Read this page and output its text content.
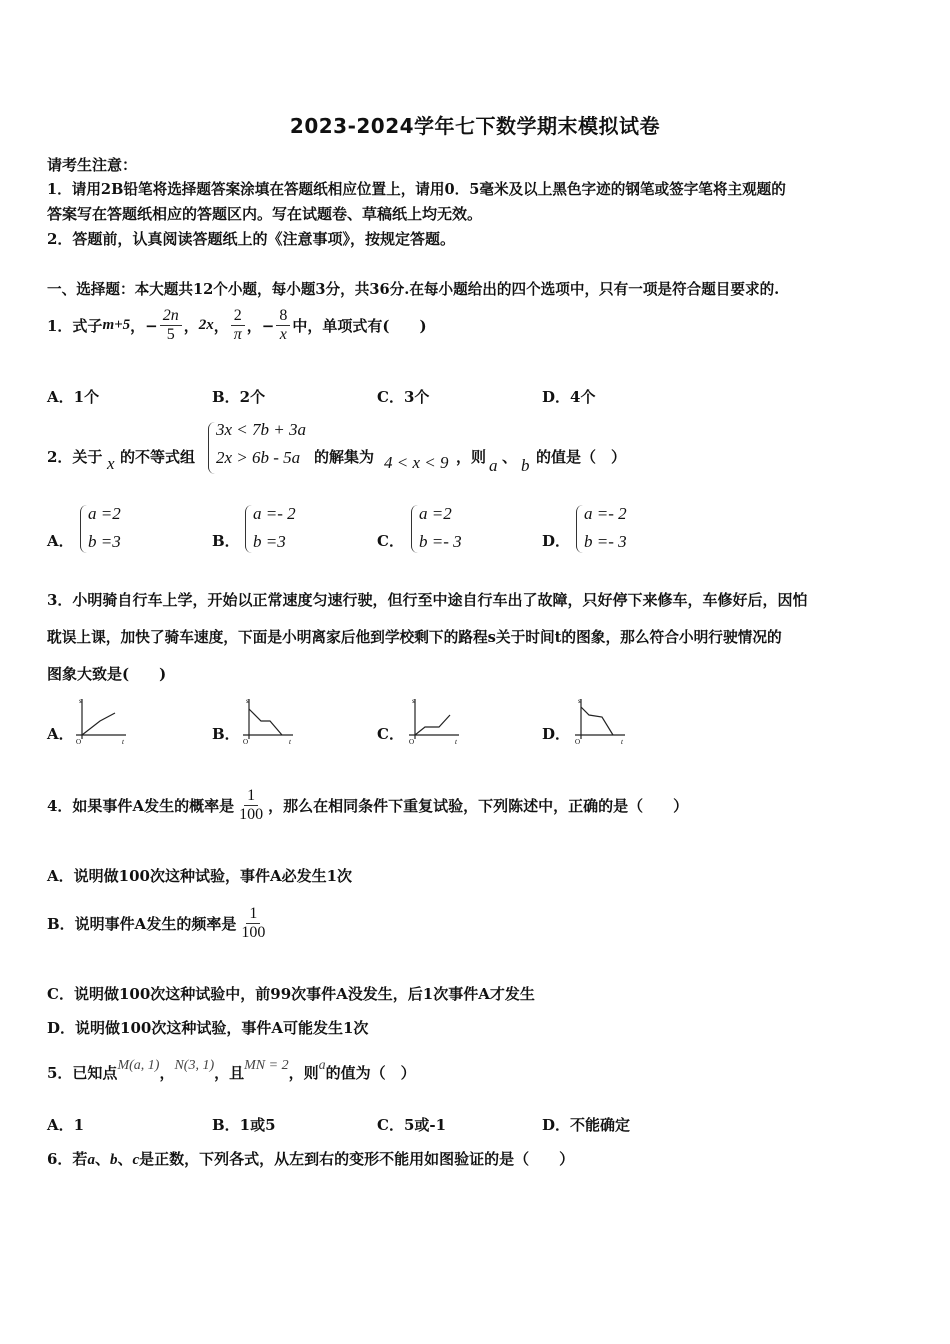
2023-2024学年七下数学期末模拟试卷
请考生注意：
1．请用2B铅笔将选择题答案涂填在答题纸相应位置上，请用0．5毫米及以上黑色字迹的钢笔或签字笔将主观题的
答案写在答题纸相应的答题区内。写在试题卷、草稿纸上均无效。
2．答题前，认真阅读答题纸上的《注意事项》，按规定答题。
一、选择题：本大题共12个小题，每小题3分，共36分.在每小题给出的四个选项中，只有一项是符合题目要求的.
1．式子 m+5 ，− $\frac{2n}{5}$ ， 2x ， $\frac{2}{\pi}$ ，− $\frac{8}{x}$ 中，单项式有(　　)
A．1个	B．2个	C．3个	D．4个
2．关于 x 的不等式组
3x < 7b + 3a
2x > 6b - 5a 的解集为 4 < x < 9 ，则 a 、 b 的值是（　）
A．
a =2
b =3	B．
a =- 2
b =3	C．
a =2
b =- 3	D．
a =- 2
b =- 3
3．小明骑自行车上学，开始以正常速度匀速行驶，但行至中途自行车出了故障，只好停下来修车，车修好后，因怕
耽误上课，加快了骑车速度，下面是小明离家后他到学校剩下的路程s关于时间t的图象，那么符合小明行驶情况的
图象大致是(　　)
A．
s
t
O	B．
s
t
O	C．
s
t
O	D．
s
t
O
4．如果事件A发生的概率是 $\frac{1}{100}$ ，那么在相同条件下重复试验，下列陈述中，正确的是（　　）
A．说明做100次这种试验，事件A必发生1次
B．说明事件A发生的频率是 $\frac{1}{100}$
C．说明做100次这种试验中，前99次事件A没发生，后1次事件A才发生
D．说明做100次这种试验，事件A可能发生1次
5．已知点 M(a, 1) ， N(3, 1) ，且 MN = 2 ，则 a 的值为（　）
A．1	B．1或5	C．5或-1	D．不能确定
6．若a、b、c是正数，下列各式，从左到右的变形不能用如图验证的是（　　）
